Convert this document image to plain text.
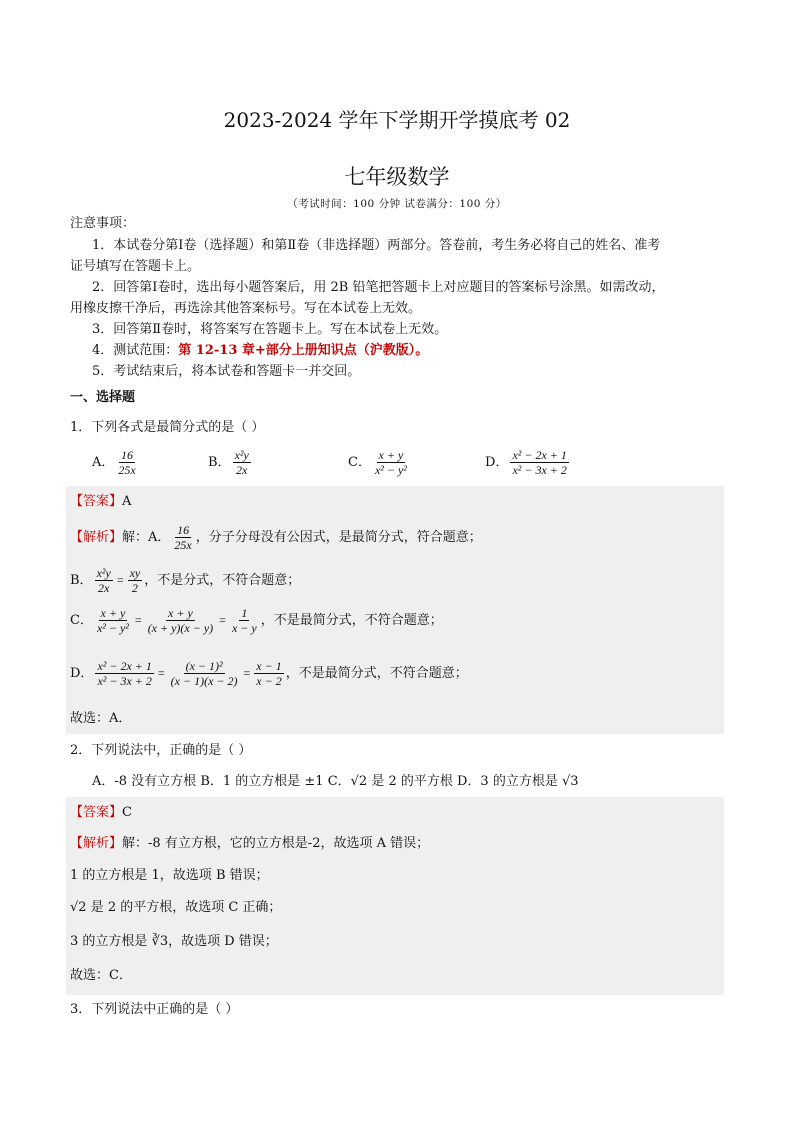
2023-2024 学年下学期开学摸底考 02
七年级数学
（考试时间：100 分钟 试卷满分：100 分）
注意事项：
1．本试卷分第Ⅰ卷（选择题）和第Ⅱ卷（非选择题）两部分。答卷前，考生务必将自己的姓名、准考
证号填写在答题卡上。
2．回答第Ⅰ卷时，选出每小题答案后，用 2B 铅笔把答题卡上对应题目的答案标号涂黑。如需改动，
用橡皮擦干净后，再选涂其他答案标号。写在本试卷上无效。
3．回答第Ⅱ卷时，将答案写在答题卡上。写在本试卷上无效。
4．测试范围：第 12-13 章+部分上册知识点（沪教版）。
5．考试结束后，将本试卷和答题卡一并交回。
一、选择题
1．下列各式是最简分式的是（ ）
A． $\frac{16}{25x}$	B． $\frac{\text{x²y}}{2x}$	C． $\frac{x + y}{\text{x² − y²}}$	D． $\frac{\text{x² − 2x + 1}}{\text{x² − 3x + 2}}$
【答案】A
【解析】解：A． $\frac{16}{25x}$ ，分子分母没有公因式，是最简分式，符合题意；
B． $\frac{\text{x²y}}{2x} = \frac{xy}{2}$ ，不是分式，不符合题意；
C． $\frac{x + y}{\text{x² − y²}} = \frac{x + y}{(x + y)(x - y)} = \frac{1}{x - y}$ ，不是最简分式，不符合题意；
D． $\frac{\text{x² − 2x + 1}}{\text{x² − 3x + 2}} = \frac{\text{(x − 1)²}}{(x - 1)(x - 2)} = \frac{x - 1}{x - 2}$ ，不是最简分式，不符合题意；
故选：A．
2．下列说法中，正确的是（ ）
A．-8 没有立方根 B．1 的立方根是 ±1 C．√2 是 2 的平方根 D．3 的立方根是 √3
【答案】C
【解析】解：-8 有立方根，它的立方根是-2，故选项 A 错误；
1 的立方根是 1，故选项 B 错误；
√2 是 2 的平方根，故选项 C 正确；
3 的立方根是 ∛3，故选项 D 错误；
故选：C．
3．下列说法中正确的是（ ）
